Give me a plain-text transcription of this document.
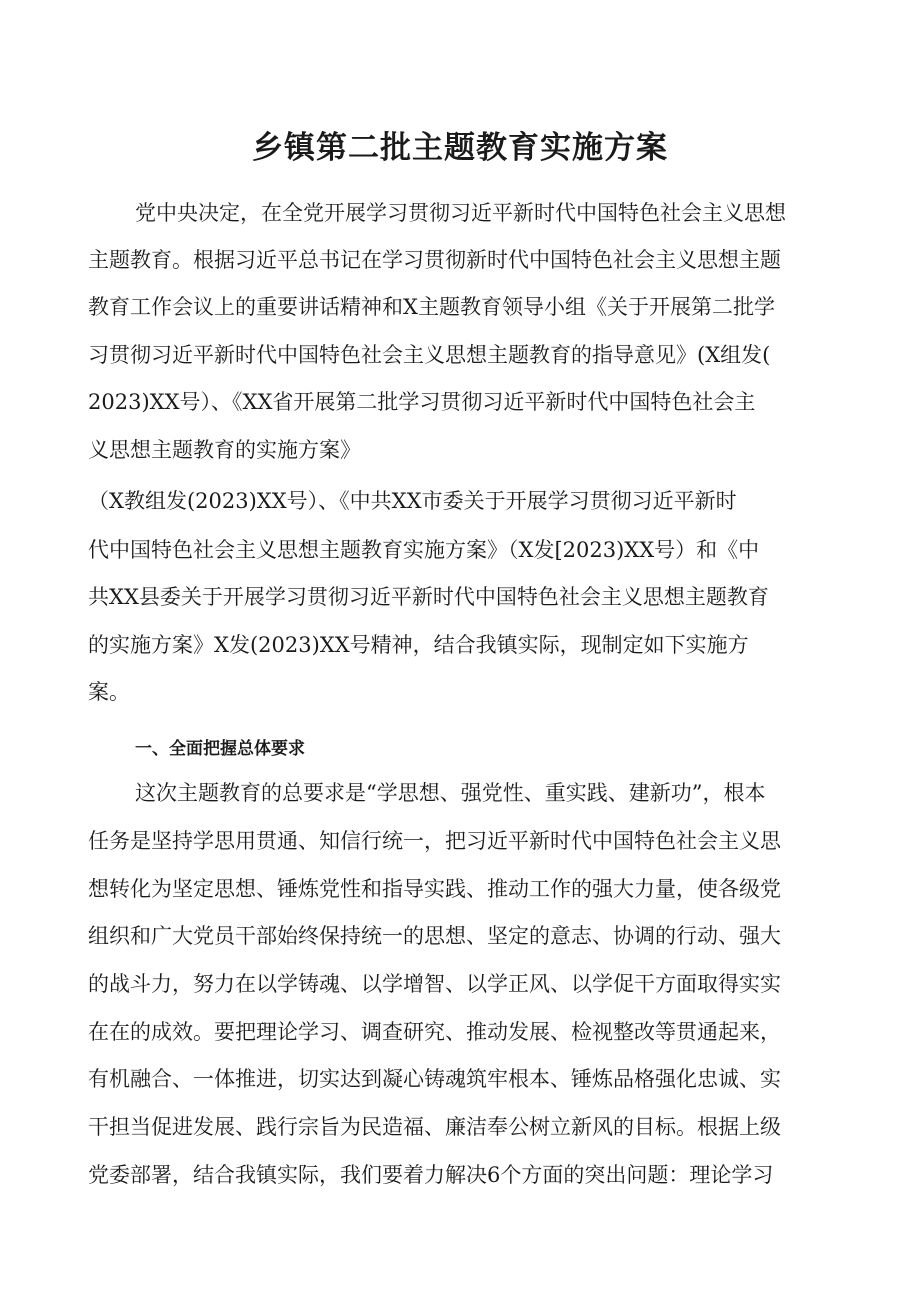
乡镇第二批主题教育实施方案

党中央决定，在全党开展学习贯彻习近平新时代中国特色社会主义思想

主题教育。根据习近平总书记在学习贯彻新时代中国特色社会主义思想主题

教育工作会议上的重要讲话精神和X主题教育领导小组《关于开展第二批学

习贯彻习近平新时代中国特色社会主义思想主题教育的指导意见》(X组发(

2023)XX号）、《XX省开展第二批学习贯彻习近平新时代中国特色社会主

义思想主题教育的实施方案》

（X教组发(2023)XX号）、《中共XX市委关于开展学习贯彻习近平新时

代中国特色社会主义思想主题教育实施方案》（X发[2023)XX号）和《中

共XX县委关于开展学习贯彻习近平新时代中国特色社会主义思想主题教育

的实施方案》X发(2023)XX号精神，结合我镇实际，现制定如下实施方

案。

一、全面把握总体要求

这次主题教育的总要求是“学思想、强党性、重实践、建新功”，根本

任务是坚持学思用贯通、知信行统一，把习近平新时代中国特色社会主义思

想转化为坚定思想、锤炼党性和指导实践、推动工作的强大力量，使各级党

组织和广大党员干部始终保持统一的思想、坚定的意志、协调的行动、强大

的战斗力，努力在以学铸魂、以学增智、以学正风、以学促干方面取得实实

在在的成效。要把理论学习、调查研究、推动发展、检视整改等贯通起来，

有机融合、一体推进，切实达到凝心铸魂筑牢根本、锤炼品格强化忠诚、实

干担当促进发展、践行宗旨为民造福、廉洁奉公树立新风的目标。根据上级

党委部署，结合我镇实际，我们要着力解决6个方面的突出问题：理论学习
